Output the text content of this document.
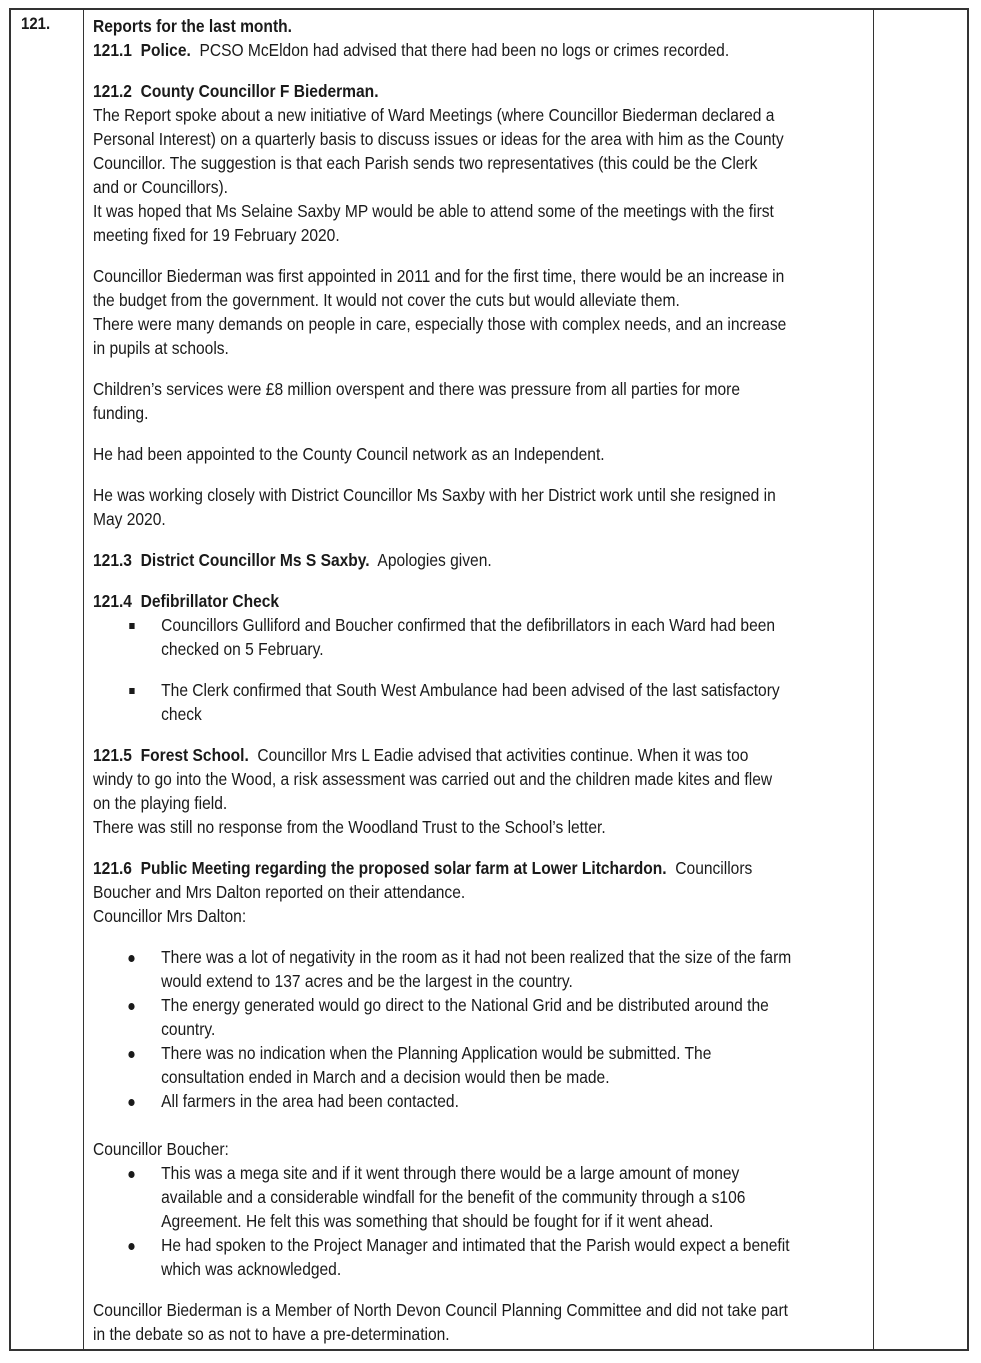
121. Reports for the last month.

121.1 Police. PCSO McEldon had advised that there had been no logs or crimes recorded.

121.2 County Councillor F Biederman.

The Report spoke about a new initiative of Ward Meetings (where Councillor Biederman declared a

Personal Interest) on a quarterly basis to discuss issues or ideas for the area with him as the County

Councillor. The suggestion is that each Parish sends two representatives (this could be the Clerk

and or Councillors).

It was hoped that Ms Selaine Saxby MP would be able to attend some of the meetings with the first

meeting fixed for 19 February 2020.

Councillor Biederman was first appointed in 2011 and for the first time, there would be an increase in

the budget from the government. It would not cover the cuts but would alleviate them.

There were many demands on people in care, especially those with complex needs, and an increase

in pupils at schools.

Children’s services were £8 million overspent and there was pressure from all parties for more

funding.

He had been appointed to the County Council network as an Independent.

He was working closely with District Councillor Ms Saxby with her District work until she resigned in

May 2020.

121.3 District Councillor Ms S Saxby. Apologies given.

121.4 Defibrillator Check

Councillors Gulliford and Boucher confirmed that the defibrillators in each Ward had been
checked on 5 February.
The Clerk confirmed that South West Ambulance had been advised of the last satisfactory
check

121.5 Forest School. Councillor Mrs L Eadie advised that activities continue. When it was too

windy to go into the Wood, a risk assessment was carried out and the children made kites and flew

on the playing field.

There was still no response from the Woodland Trust to the School’s letter.

121.6 Public Meeting regarding the proposed solar farm at Lower Litchardon. Councillors

Boucher and Mrs Dalton reported on their attendance.

Councillor Mrs Dalton:

There was a lot of negativity in the room as it had not been realized that the size of the farm
would extend to 137 acres and be the largest in the country.
The energy generated would go direct to the National Grid and be distributed around the
country.
There was no indication when the Planning Application would be submitted. The
consultation ended in March and a decision would then be made.
All farmers in the area had been contacted.

Councillor Boucher:

This was a mega site and if it went through there would be a large amount of money
available and a considerable windfall for the benefit of the community through a s106
Agreement. He felt this was something that should be fought for if it went ahead.
He had spoken to the Project Manager and intimated that the Parish would expect a benefit
which was acknowledged.

Councillor Biederman is a Member of North Devon Council Planning Committee and did not take part

in the debate so as not to have a pre-determination.
